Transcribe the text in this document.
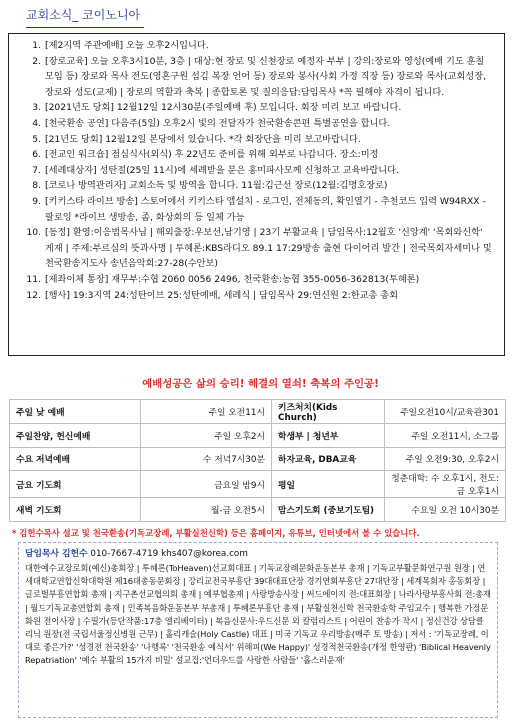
교회소식_ 코이노니아
1. [제2지역 주관예배] 오늘 오후2시입니다.
2. [장로교육] 오늘 오후3시10분, 3층 | 대상:현 장로 및 신천장로 예정자 부부 | 강의:장로와 영성(예배 기도 훈칠 모임 등) 장로와 목사 전도(영혼구원 섬김 복장 언어 등) 장로와 봉사(사회 가정 직장 등) 장로와 목사(교회성장, 장로와 성도(교제) | 장로의 역할과 축복 | 종합토론 및 질의응답:담임목사 *꼭 필해야 자격이 됩니다.
3. [2021년도 당회] 12월12일 12시30분(주일예배 후) 모입니다. 회장 미리 보고 바랍니다.
4. [천국환송 공연] 다음주(5일) 오후2시 빛의 전달자가 천국환송콘편 특별공연을 합니다.
5. [21년도 당회] 12월12일 본당에서 있습니다. *각 회장단을 미리 보고바랍니다.
6. [전교인 워크숍] 점심식사(외식) 후 22년도 준비를 위해 외부로 나갑니다. 장소:미정
7. [세례대상자] 성탄절(25일 11시)에 세례받을 분은 홍미파사모께 신청하고 교육바랍니다.
8. [코로나 방역관리자] 교회소독 및 방역을 합니다. 11월:김근선 장로(12월:김명호장로)
9. [키키스타 라이브 방송] 스토어에서 키키스타 앱설치 - 로그인, 전체동의, 확인열기 - 추천코드 입력 W94RXX - 팔로잉 *라이브 생방송, 좀, 화상회의 등 일체 가능
10. [동정] 환영:이응범목사님 | 해외출장:우보선,남기영 | 23기 부활교육 | 담임목사:12월호 '신앙계' '목회와신학' 게재 | 주제:부르심의 뜻과사명 | 투혜론:KBS라디오 89.1 17:29방송 출현 다이어리 발간 | 전국목회자세미나 및 천국환송지도사 송년음악회:27-28(수안보)
11. [제좌이체 통장] 재무부:수협 2060 0056 2496, 천국환송:농협 355-0056-362813(투혜론)
12. [행사] 19:3지역 24:성탄이브 25:성탄예배, 세례식 | 담임목사 29:연신원 2:한교총 총회
예배성공은 삶의 승리! 해결의 열쇠! 축복의 주인공!
주일 낮 예배	주일 오전11시	키즈처치(Kids Church)	주일오전10시/교육관301
주일찬양, 헌신예배	주일 오후2시	학생부 | 청년부	주일 오전11시, 소그룹
수요 저녁예배	수 저녁7시30분	하자교육, DBA교육	주일 오전9:30, 오후2시
금요 기도회	금요일 밤9시	평일	청춘대학: 수 오후1시, 전도: 금 오후1시
새벽 기도회	월-금 오전5시	맘스기도회 (중보기도팀)	수요일 오전 10시30분
* 김헌수목사 설교 및 천국환송(기독교장례, 부활실천신학) 등은 홈페이지, 유튜브, 인터넷에서 볼 수 있습니다.
담임목사 김헌수 010-7667-4719 khs407@korea.com
대한예수교장로회(예신)총회장 | 투혜론(ToHeaven)선교회대표 | 기독교장례문화운동본부 총재 | 기독교부활문화연구원 원장 | 연세대학교연합신학대학원 제16대총동문회장 | 강리교전국부흥단 39대대표단장 경기연회부흥단 27대단장 | 세계목회자 홍동회장 | 글로벌부흥연합회 총재 | 지구촌선교협의회 총재 | 예부협총재 | 사랑방송사장 | 써드에이지 전:대표회장 | 나라사랑부흥사회 전:총재 | 월드기독교총연합회 총재 | 민족복음화운동본부 부총재 | 투혜론부흥단 총재 | 부활실천신학 천국환송학 주임교수 | 행복한 가정문화원 전이사장 | 수필가(등단작품:17층 엘리베이터) | 복음신문사:우드신문 외 칼럼리스트 | 어린이 찬송가 작시 | 정신건강 상담클리닉 원장(전 국립서울정신병원 근무) | 홀리캐슬(Holy Castle) 대표 | 미국 기독교 우리방송(매주 토 방송) | 저서 : '기독교장례, 이대로 좋은가?' '성경전 천국환송' '나행록' '천국환송 예식서' 위해피(We Happy)' 성경적천국환송(개정 한영판) 'Biblical Heavenly Repatriation' '예수 부활의 15가지 비밀' 설교집:'언더우드를 사랑한 사람들' '홀스러운재'
